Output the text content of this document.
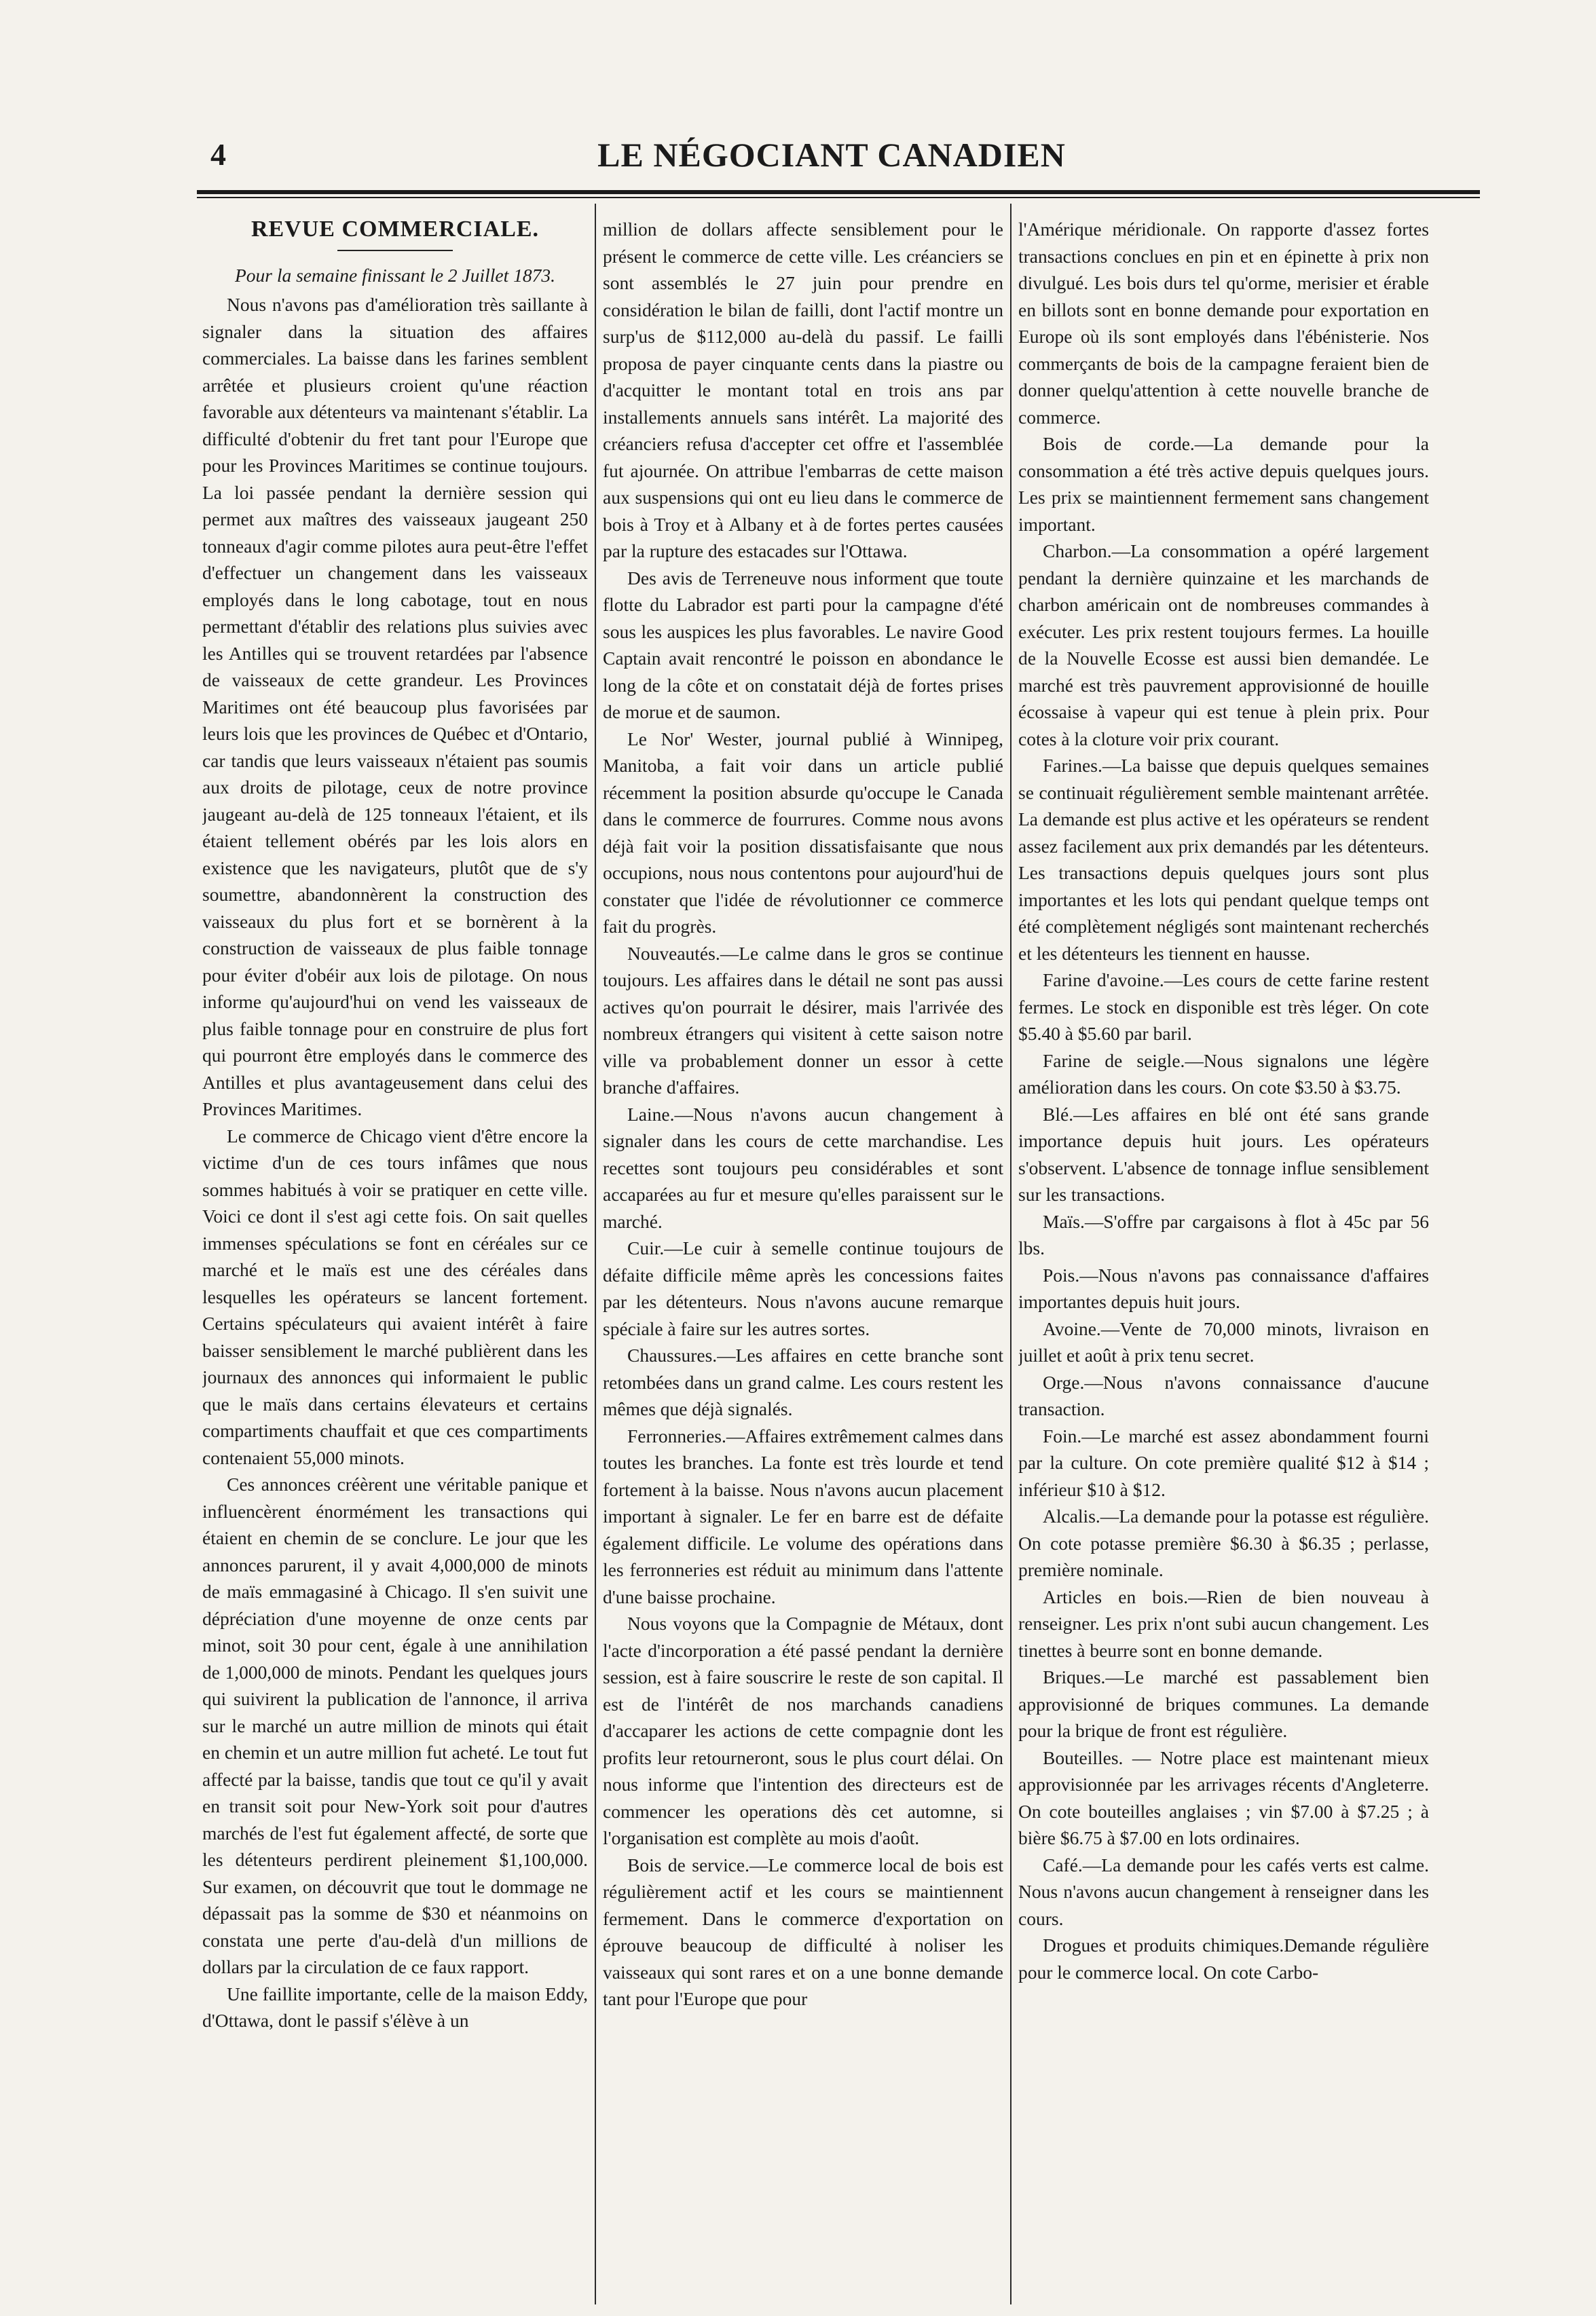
4	LE NÉGOCIANT CANADIEN
REVUE COMMERCIALE.
Pour la semaine finissant le 2 Juillet 1873.

Nous n'avons pas d'amélioration très saillante à signaler dans la situation des affaires commerciales. La baisse dans les farines semblent arrêtée et plusieurs croient qu'une réaction favorable aux détenteurs va maintenant s'établir. La difficulté d'obtenir du fret tant pour l'Europe que pour les Provinces Maritimes se continue toujours. La loi passée pendant la dernière session qui permet aux maîtres des vaisseaux jaugeant 250 tonneaux d'agir comme pilotes aura peut-être l'effet d'effectuer un changement dans les vaisseaux employés dans le long cabotage, tout en nous permettant d'établir des relations plus suivies avec les Antilles qui se trouvent retardées par l'absence de vaisseaux de cette grandeur. Les Provinces Maritimes ont été beaucoup plus favorisées par leurs lois que les provinces de Québec et d'Ontario, car tandis que leurs vaisseaux n'étaient pas soumis aux droits de pilotage, ceux de notre province jaugeant au-delà de 125 tonneaux l'étaient, et ils étaient tellement obérés par les lois alors en existence que les navigateurs, plutôt que de s'y soumettre, abandonnèrent la construction des vaisseaux du plus fort et se bornèrent à la construction de vaisseaux de plus faible tonnage pour éviter d'obéir aux lois de pilotage. On nous informe qu'aujourd'hui on vend les vaisseaux de plus faible tonnage pour en construire de plus fort qui pourront être employés dans le commerce des Antilles et plus avantageusement dans celui des Provinces Maritimes.

Le commerce de Chicago vient d'être encore la victime d'un de ces tours infâmes que nous sommes habitués à voir se pratiquer en cette ville. Voici ce dont il s'est agi cette fois. On sait quelles immenses spéculations se font en céréales sur ce marché et le maïs est une des céréales dans lesquelles les opérateurs se lancent fortement. Certains spéculateurs qui avaient intérêt à faire baisser sensiblement le marché publièrent dans les journaux des annonces qui informaient le public que le maïs dans certains élevateurs et certains compartiments chauffait et que ces compartiments contenaient 55,000 minots.

Ces annonces créèrent une véritable panique et influencèrent énormément les transactions qui étaient en chemin de se conclure. Le jour que les annonces parurent, il y avait 4,000,000 de minots de maïs emmagasiné à Chicago. Il s'en suivit une dépréciation d'une moyenne de onze cents par minot, soit 30 pour cent, égale à une annihilation de 1,000,000 de minots. Pendant les quelques jours qui suivirent la publication de l'annonce, il arriva sur le marché un autre million de minots qui était en chemin et un autre million fut acheté. Le tout fut affecté par la baisse, tandis que tout ce qu'il y avait en transit soit pour New-York soit pour d'autres marchés de l'est fut également affecté, de sorte que les détenteurs perdirent pleinement $1,100,000. Sur examen, on découvrit que tout le dommage ne dépassait pas la somme de $30 et néanmoins on constata une perte d'au-delà d'un millions de dollars par la circulation de ce faux rapport.

Une faillite importante, celle de la maison Eddy, d'Ottawa, dont le passif s'élève à un

million de dollars affecte sensiblement pour le présent le commerce de cette ville. Les créanciers se sont assemblés le 27 juin pour prendre en considération le bilan de failli, dont l'actif montre un surp'us de $112,000 au-delà du passif. Le failli proposa de payer cinquante cents dans la piastre ou d'acquitter le montant total en trois ans par installements annuels sans intérêt. La majorité des créanciers refusa d'accepter cet offre et l'assemblée fut ajournée. On attribue l'embarras de cette maison aux suspensions qui ont eu lieu dans le commerce de bois à Troy et à Albany et à de fortes pertes causées par la rupture des estacades sur l'Ottawa.

Des avis de Terreneuve nous informent que toute flotte du Labrador est parti pour la campagne d'été sous les auspices les plus favorables. Le navire Good Captain avait rencontré le poisson en abondance le long de la côte et on constatait déjà de fortes prises de morue et de saumon.

Le Nor' Wester, journal publié à Winnipeg, Manitoba, a fait voir dans un article publié récemment la position absurde qu'occupe le Canada dans le commerce de fourrures. Comme nous avons déjà fait voir la position dissatisfaisante que nous occupions, nous nous contentons pour aujourd'hui de constater que l'idée de révolutionner ce commerce fait du progrès.

Nouveautés.—Le calme dans le gros se continue toujours. Les affaires dans le détail ne sont pas aussi actives qu'on pourrait le désirer, mais l'arrivée des nombreux étrangers qui visitent à cette saison notre ville va probablement donner un essor à cette branche d'affaires.

Laine.—Nous n'avons aucun changement à signaler dans les cours de cette marchandise. Les recettes sont toujours peu considérables et sont accaparées au fur et mesure qu'elles paraissent sur le marché.

Cuir.—Le cuir à semelle continue toujours de défaite difficile même après les concessions faites par les détenteurs. Nous n'avons aucune remarque spéciale à faire sur les autres sortes.

Chaussures.—Les affaires en cette branche sont retombées dans un grand calme. Les cours restent les mêmes que déjà signalés.

Ferronneries.—Affaires extrêmement calmes dans toutes les branches. La fonte est très lourde et tend fortement à la baisse. Nous n'avons aucun placement important à signaler. Le fer en barre est de défaite également difficile. Le volume des opérations dans les ferronneries est réduit au minimum dans l'attente d'une baisse prochaine.

Nous voyons que la Compagnie de Métaux, dont l'acte d'incorporation a été passé pendant la dernière session, est à faire souscrire le reste de son capital. Il est de l'intérêt de nos marchands canadiens d'accaparer les actions de cette compagnie dont les profits leur retourneront, sous le plus court délai. On nous informe que l'intention des directeurs est de commencer les operations dès cet automne, si l'organisation est complète au mois d'août.

Bois de service.—Le commerce local de bois est régulièrement actif et les cours se maintiennent fermement. Dans le commerce d'exportation on éprouve beaucoup de difficulté à noliser les vaisseaux qui sont rares et on a une bonne demande tant pour l'Europe que pour

l'Amérique méridionale. On rapporte d'assez fortes transactions conclues en pin et en épinette à prix non divulgué. Les bois durs tel qu'orme, merisier et érable en billots sont en bonne demande pour exportation en Europe où ils sont employés dans l'ébénisterie. Nos commerçants de bois de la campagne feraient bien de donner quelqu'attention à cette nouvelle branche de commerce.

Bois de corde.—La demande pour la consommation a été très active depuis quelques jours. Les prix se maintiennent fermement sans changement important.

Charbon.—La consommation a opéré largement pendant la dernière quinzaine et les marchands de charbon américain ont de nombreuses commandes à exécuter. Les prix restent toujours fermes. La houille de la Nouvelle Ecosse est aussi bien demandée. Le marché est très pauvrement approvisionné de houille écossaise à vapeur qui est tenue à plein prix. Pour cotes à la cloture voir prix courant.

Farines.—La baisse que depuis quelques semaines se continuait régulièrement semble maintenant arrêtée. La demande est plus active et les opérateurs se rendent assez facilement aux prix demandés par les détenteurs. Les transactions depuis quelques jours sont plus importantes et les lots qui pendant quelque temps ont été complètement négligés sont maintenant recherchés et les détenteurs les tiennent en hausse.

Farine d'avoine.—Les cours de cette farine restent fermes. Le stock en disponible est très léger. On cote $5.40 à $5.60 par baril.

Farine de seigle.—Nous signalons une légère amélioration dans les cours. On cote $3.50 à $3.75.

Blé.—Les affaires en blé ont été sans grande importance depuis huit jours. Les opérateurs s'observent. L'absence de tonnage influe sensiblement sur les transactions.

Maïs.—S'offre par cargaisons à flot à 45c par 56 lbs.

Pois.—Nous n'avons pas connaissance d'affaires importantes depuis huit jours.

Avoine.—Vente de 70,000 minots, livraison en juillet et août à prix tenu secret.

Orge.—Nous n'avons connaissance d'aucune transaction.

Foin.—Le marché est assez abondamment fourni par la culture. On cote première qualité $12 à $14 ; inférieur $10 à $12.

Alcalis.—La demande pour la potasse est régulière. On cote potasse première $6.30 à $6.35 ; perlasse, première nominale.

Articles en bois.—Rien de bien nouveau à renseigner. Les prix n'ont subi aucun changement. Les tinettes à beurre sont en bonne demande.

Briques.—Le marché est passablement bien approvisionné de briques communes. La demande pour la brique de front est régulière.

Bouteilles. — Notre place est maintenant mieux approvisionnée par les arrivages récents d'Angleterre. On cote bouteilles anglaises ; vin $7.00 à $7.25 ; à bière $6.75 à $7.00 en lots ordinaires.

Café.—La demande pour les cafés verts est calme. Nous n'avons aucun changement à renseigner dans les cours.

Drogues et produits chimiques.Demande régulière pour le commerce local. On cote Carbo-
